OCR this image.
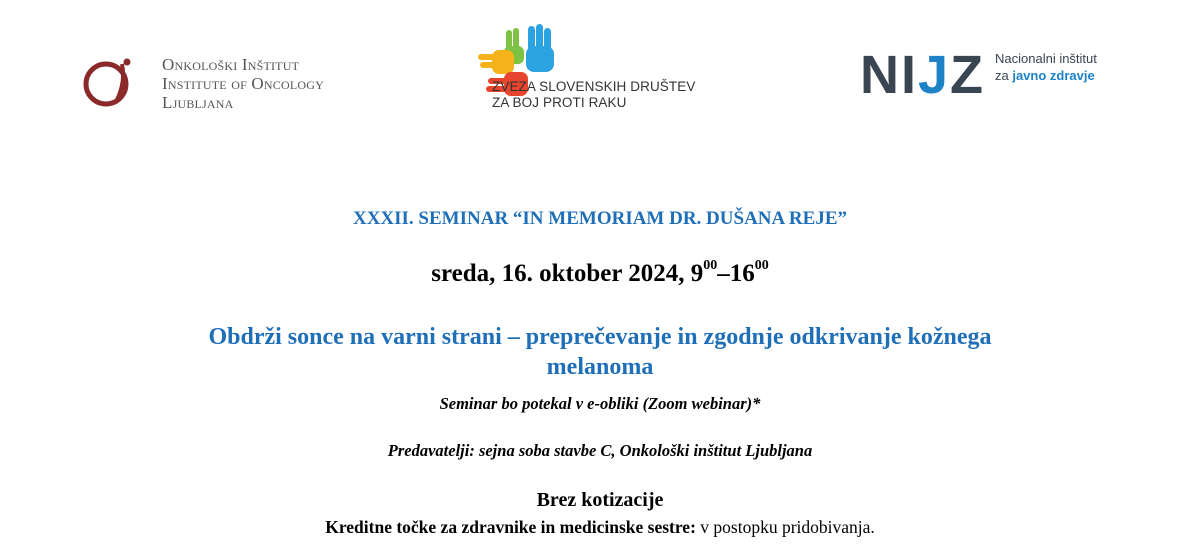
Onkološki Inštitut
Institute of Oncology
Ljubljana
ZVEZA SLOVENSKIH DRUŠTEV
ZA BOJ PROTI RAKU	NIJZ Nacionalni inštitut
za javno zdravje
XXXII. SEMINAR “IN MEMORIAM DR. DUŠANA REJE”
sreda, 16. oktober 2024, $9^{00}-16^{00}$
Obdrži sonce na varni strani – preprečevanje in zgodnje odkrivanje kožnega
melanoma
Seminar bo potekal v e-obliki (Zoom webinar)*
Predavatelji: sejna soba stavbe C, Onkološki inštitut Ljubljana
Brez kotizacije
Kreditne točke za zdravnike in medicinske sestre: v postopku pridobivanja.
